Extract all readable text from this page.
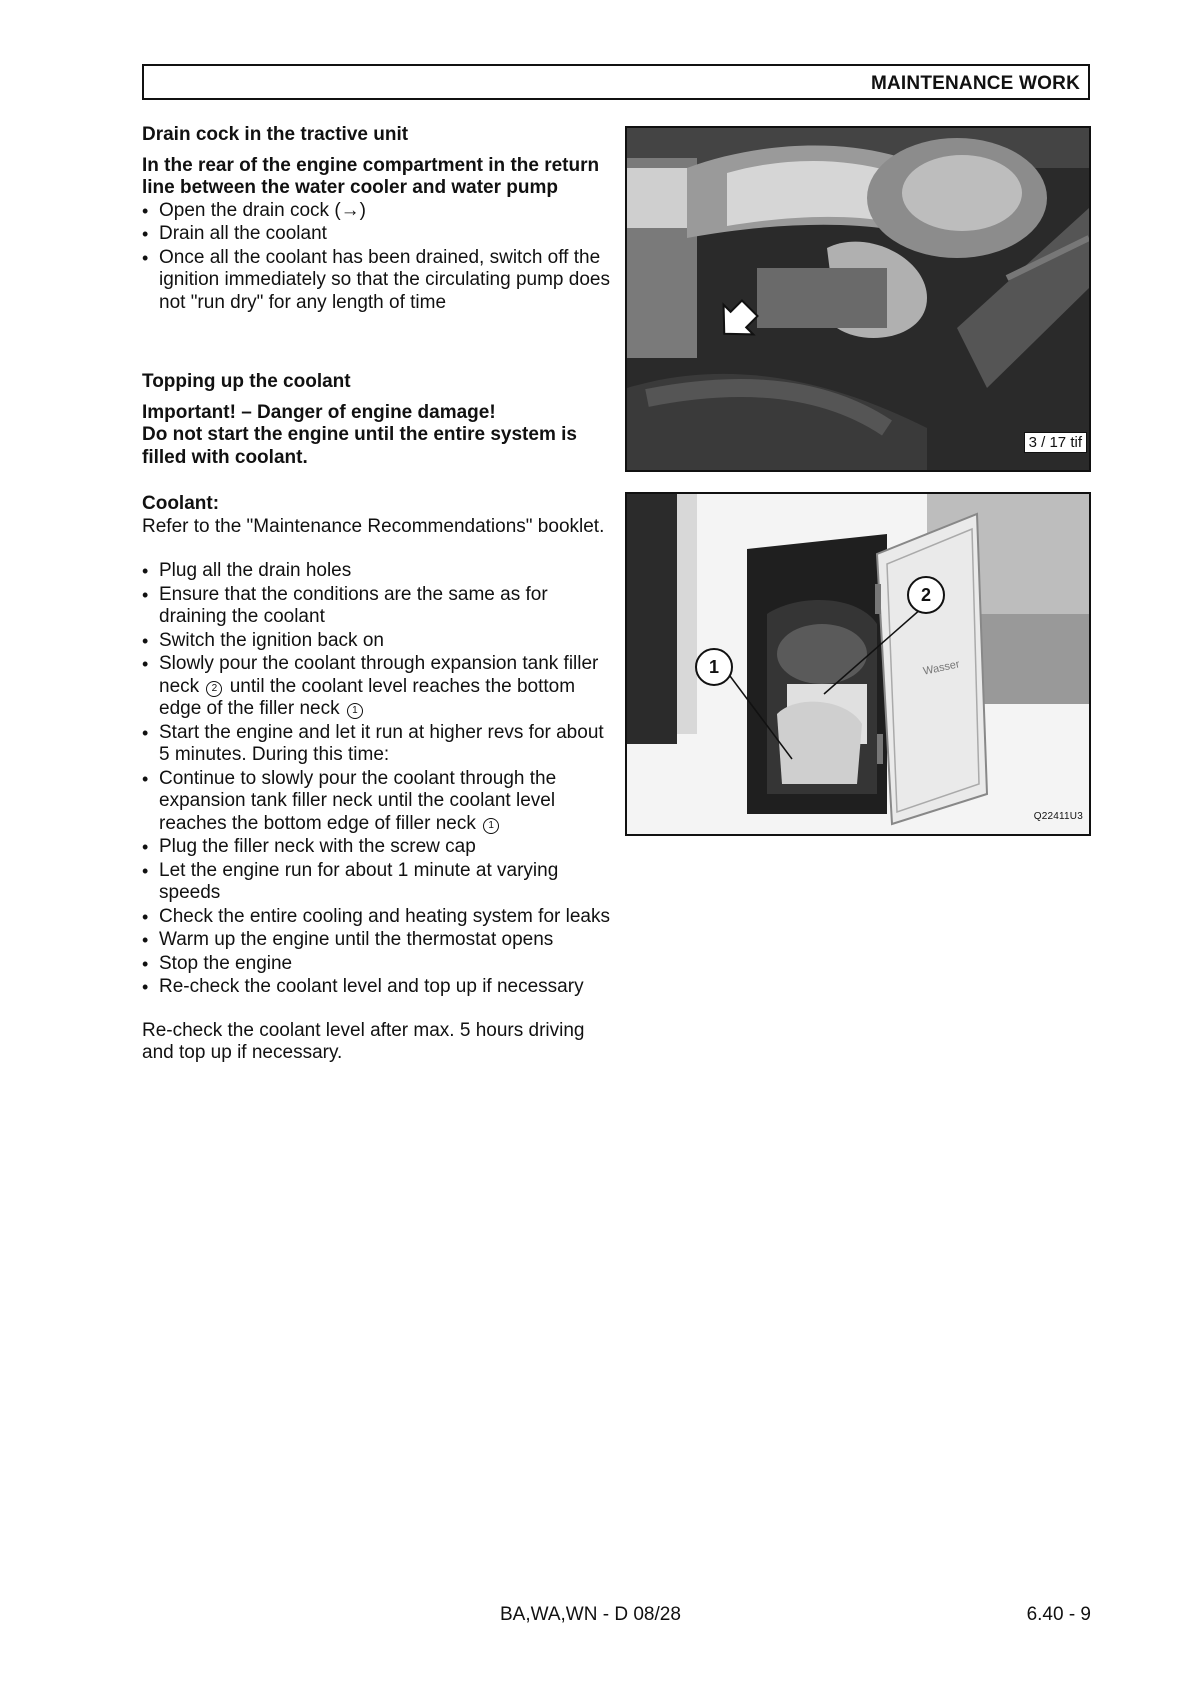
MAINTENANCE WORK

Drain cock in the tractive unit

In the rear of the engine compartment in the return line between the water cooler and water pump

• Open the drain cock (→)
• Drain all the coolant
• Once all the coolant has been drained, switch off the ignition immediately so that the circulating pump does not "run dry" for any length of time

Topping up the coolant

Important! – Danger of engine damage!

Do not start the engine until the entire system is filled with coolant.

Coolant:

Refer to the "Maintenance Recommendations" booklet.

• Plug all the drain holes
• Ensure that the conditions are the same as for draining the coolant
• Switch the ignition back on
• Slowly pour the coolant through expansion tank filler neck 2 until the coolant level reaches the bottom edge of the filler neck 1
• Start the engine and let it run at higher revs for about 5 minutes. During this time:
• Continue to slowly pour the coolant through the expansion tank filler neck until the coolant level reaches the bottom edge of filler neck 1
• Plug the filler neck with the screw cap
• Let the engine run for about 1 minute at varying speeds
• Check the entire cooling and heating system for leaks
• Warm up the engine until the thermostat opens
• Stop the engine
• Re-check the coolant level and top up if necessary

Re-check the coolant level after max. 5 hours driving and top up if necessary.

3 / 17 tif
2
1	Wasser
Q22411U3
BA,WA,WN - D 08/28	6.40 - 9
